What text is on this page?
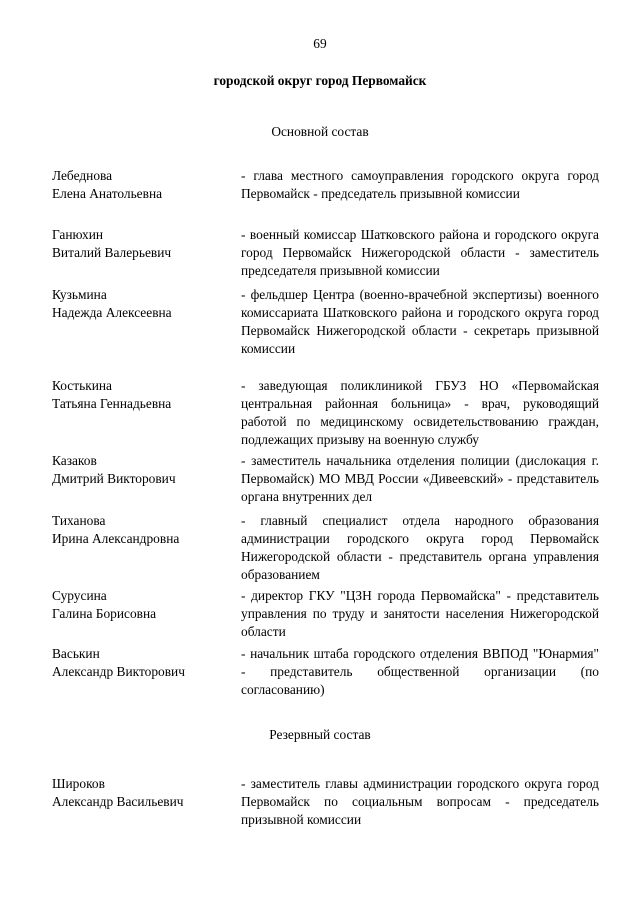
69
городской округ город Первомайск
Основной состав
Лебеднова
Елена Анатольевна
- глава местного самоуправления городского округа город Первомайск - председатель призывной комиссии
Ганюхин
Виталий Валерьевич
- военный комиссар Шатковского района и городского округа город Первомайск Нижегородской области - заместитель председателя призывной комиссии
Кузьмина
Надежда Алексеевна
- фельдшер Центра (военно-врачебной экспертизы) военного комиссариата Шатковского района и городского округа город Первомайск Нижегородской области - секретарь призывной комиссии
Костькина
Татьяна Геннадьевна
- заведующая поликлиникой ГБУЗ НО «Первомайская центральная районная больница» - врач, руководящий работой по медицинскому освидетельствованию граждан, подлежащих призыву на военную службу
Казаков
Дмитрий Викторович
- заместитель начальника отделения полиции (дислокация г. Первомайск) МО МВД России «Дивеевский» - представитель органа внутренних дел
Тиханова
Ирина Александровна
- главный специалист отдела народного образования администрации городского округа город Первомайск Нижегородской области - представитель органа управления образованием
Сурусина
Галина Борисовна
- директор ГКУ "ЦЗН города Первомайска" - представитель управления по труду и занятости населения Нижегородской области
Васькин
Александр Викторович
- начальник штаба городского отделения ВВПОД "Юнармия" - представитель общественной организации (по согласованию)
Резервный состав
Широков
Александр Васильевич
- заместитель главы администрации городского округа город Первомайск по социальным вопросам - председатель призывной комиссии
